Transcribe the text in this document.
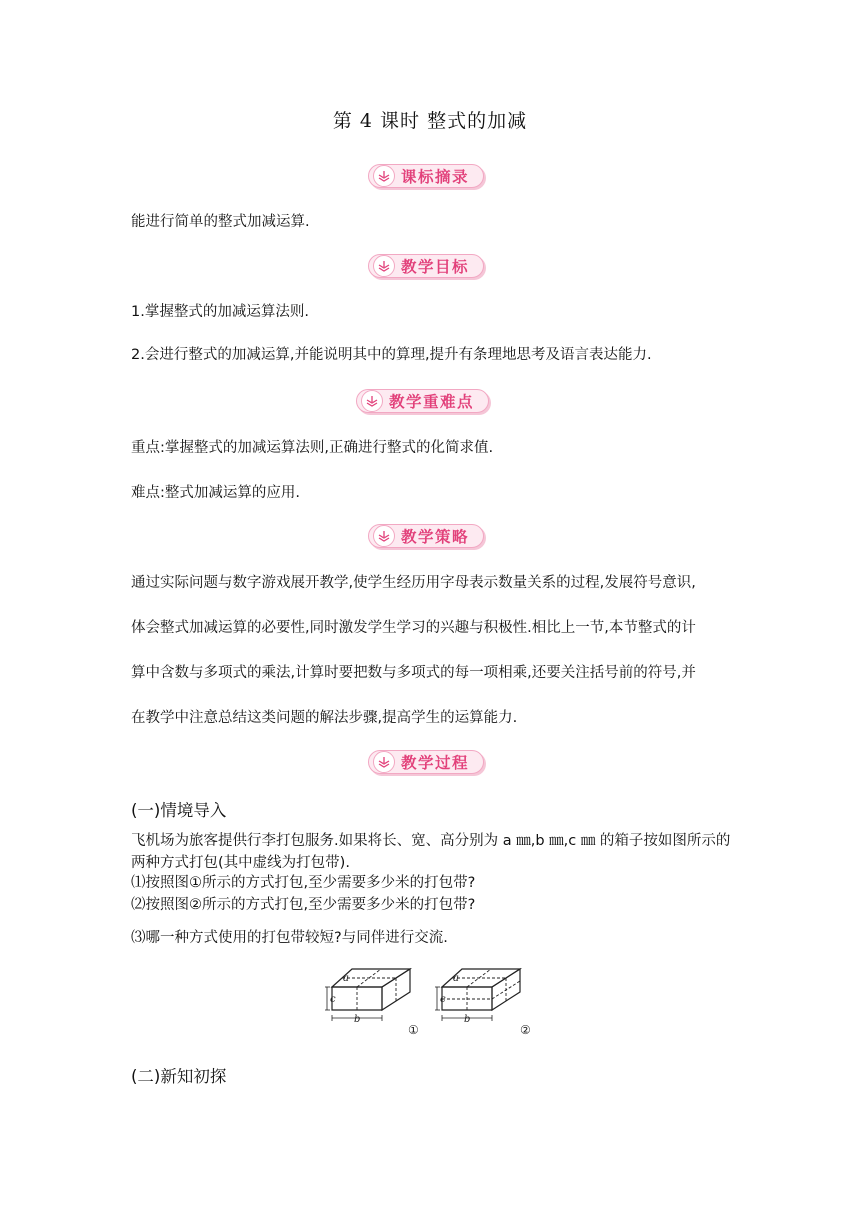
第 4 课时 整式的加减
课标摘录
能进行简单的整式加减运算.
教学目标
1.掌握整式的加减运算法则.
2.会进行整式的加减运算,并能说明其中的算理,提升有条理地思考及语言表达能力.
教学重难点
重点:掌握整式的加减运算法则,正确进行整式的化简求值.
难点:整式加减运算的应用.
教学策略
通过实际问题与数字游戏展开教学,使学生经历用字母表示数量关系的过程,发展符号意识,
体会整式加减运算的必要性,同时激发学生学习的兴趣与积极性.相比上一节,本节整式的计
算中含数与多项式的乘法,计算时要把数与多项式的每一项相乘,还要关注括号前的符号,并
在教学中注意总结这类问题的解法步骤,提高学生的运算能力.
教学过程
(一)情境导入
飞机场为旅客提供行李打包服务.如果将长、宽、高分别为 a ㎜,b ㎜,c ㎜ 的箱子按如图所示的
两种方式打包(其中虚线为打包带).
⑴按照图①所示的方式打包,至少需要多少米的打包带?
⑵按照图②所示的方式打包,至少需要多少米的打包带?
⑶哪一种方式使用的打包带较短?与同伴进行交流.
a
c
b
①
a
c
b
②
(二)新知初探
